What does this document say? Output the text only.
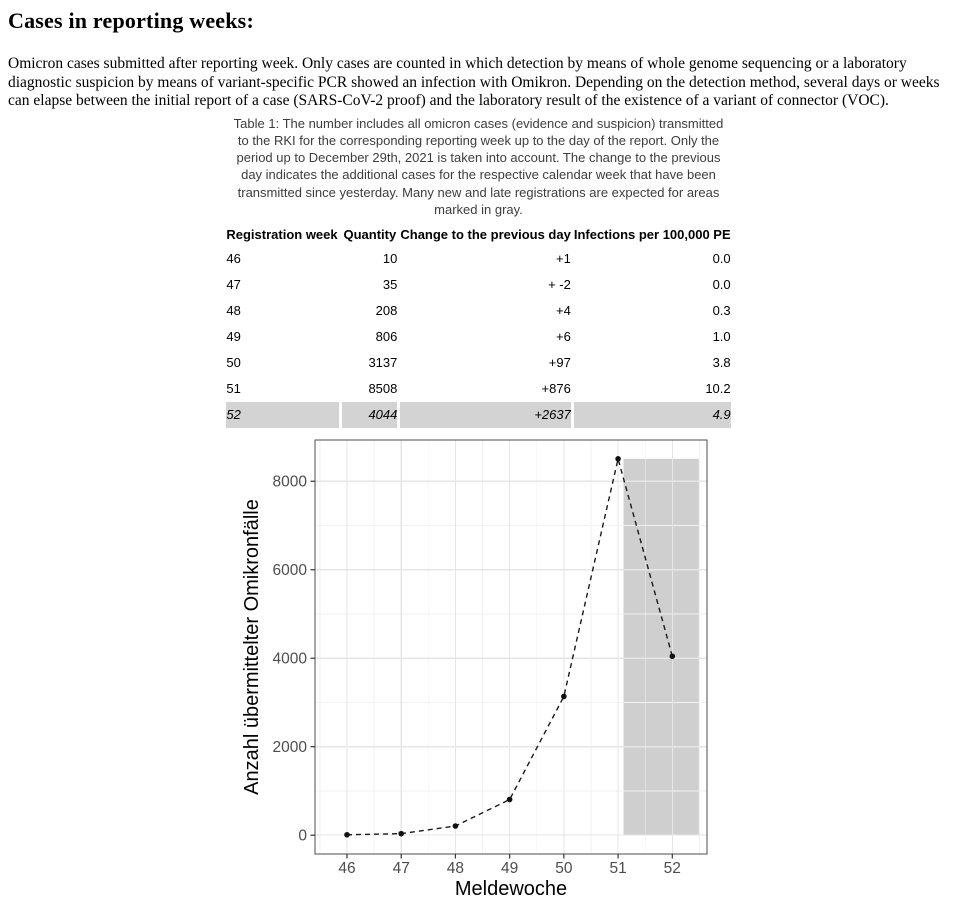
Cases in reporting weeks:

Omicron cases submitted after reporting week. Only cases are counted in which detection by means of whole genome sequencing or a laboratory diagnostic suspicion by means of variant-specific PCR showed an infection with Omikron. Depending on the detection method, several days or weeks can elapse between the initial report of a case (SARS-CoV-2 proof) and the laboratory result of the existence of a variant of connector (VOC).

Table 1: The number includes all omicron cases (evidence and suspicion) transmitted to the RKI for the corresponding reporting week up to the day of the report. Only the period up to December 29th, 2021 is taken into account. The change to the previous day indicates the additional cases for the respective calendar week that have been transmitted since yesterday. Many new and late registrations are expected for areas marked in gray.
Registration week	Quantity	Change to the previous day	Infections per 100,000 PE
46	10	+1	0.0
47	35	+ -2	0.0
48	208	+4	0.3
49	806	+6	1.0
50	3137	+97	3.8
51	8508	+876	10.2
52	4044	+2637	4.9
46 47 48 49 50 51 52
0
2000
4000
6000
8000
Meldewoche
Anzahl übermittelter Omikronfälle
